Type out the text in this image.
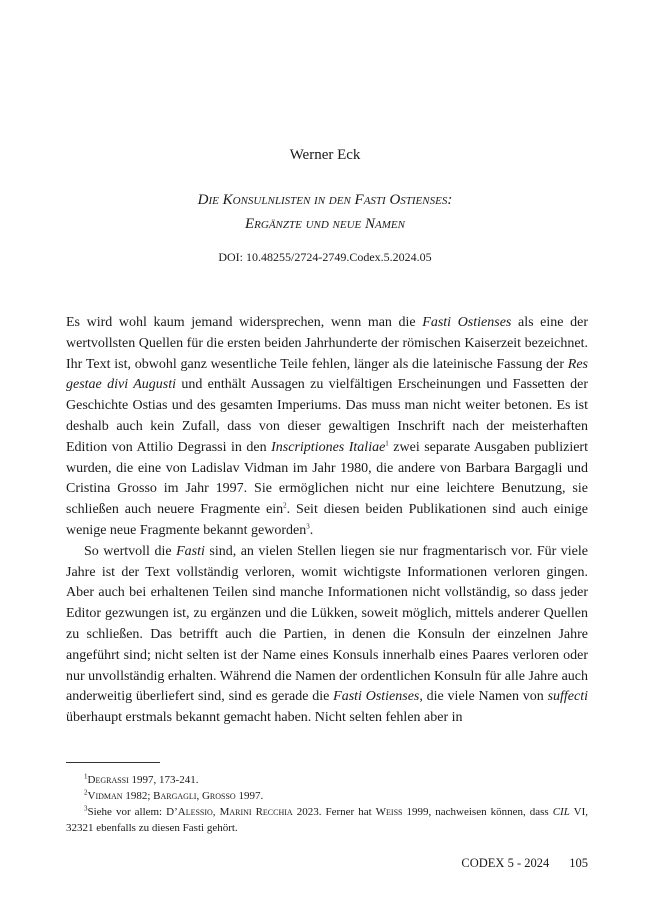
Werner Eck
Die Konsulnlisten in den Fasti Ostienses:
Ergänzte und neue Namen
DOI: 10.48255/2724-2749.Codex.5.2024.05

Es wird wohl kaum jemand widersprechen, wenn man die Fasti Ostienses als eine der wertvollsten Quellen für die ersten beiden Jahrhunderte der römischen Kaiserzeit bezeichnet. Ihr Text ist, obwohl ganz wesentliche Teile fehlen, länger als die lateinische Fassung der Res gestae divi Augusti und enthält Aussagen zu vielfältigen Erscheinungen und Fassetten der Geschichte Ostias und des gesamten Imperiums. Das muss man nicht weiter betonen. Es ist deshalb auch kein Zufall, dass von dieser gewaltigen Inschrift nach der meisterhaften Edition von Attilio Degrassi in den Inscriptiones Italiae$^1$ zwei separate Ausgaben publiziert wurden, die eine von Ladislav Vidman im Jahr 1980, die andere von Barbara Bargagli und Cristina Grosso im Jahr 1997. Sie ermöglichen nicht nur eine leichtere Benutzung, sie schließen auch neuere Fragmente ein$^2$. Seit diesen beiden Publikationen sind auch einige wenige neue Fragmente bekannt geworden$^3$.

So wertvoll die Fasti sind, an vielen Stellen liegen sie nur fragmentarisch vor. Für viele Jahre ist der Text vollständig verloren, womit wichtigste Informationen verloren gingen. Aber auch bei erhaltenen Teilen sind manche Informationen nicht vollständig, so dass jeder Editor gezwungen ist, zu ergänzen und die Lükken, soweit möglich, mittels anderer Quellen zu schließen. Das betrifft auch die Partien, in denen die Konsuln der einzelnen Jahre angeführt sind; nicht selten ist der Name eines Konsuls innerhalb eines Paares verloren oder nur unvollständig erhalten. Während die Namen der ordentlichen Konsuln für alle Jahre auch anderweitig überliefert sind, sind es gerade die Fasti Ostienses, die viele Namen von suffecti überhaupt erstmals bekannt gemacht haben. Nicht selten fehlen aber in

$^1$Degrassi 1997, 173-241.
$^2$Vidman 1982; Bargagli, Grosso 1997.
$^3$Siehe vor allem: D’Alessio, Marini Recchia 2023. Ferner hat Weiss 1999, nachweisen können, dass CIL VI, 32321 ebenfalls zu diesen Fasti gehört.
CODEX 5 - 2024 105
